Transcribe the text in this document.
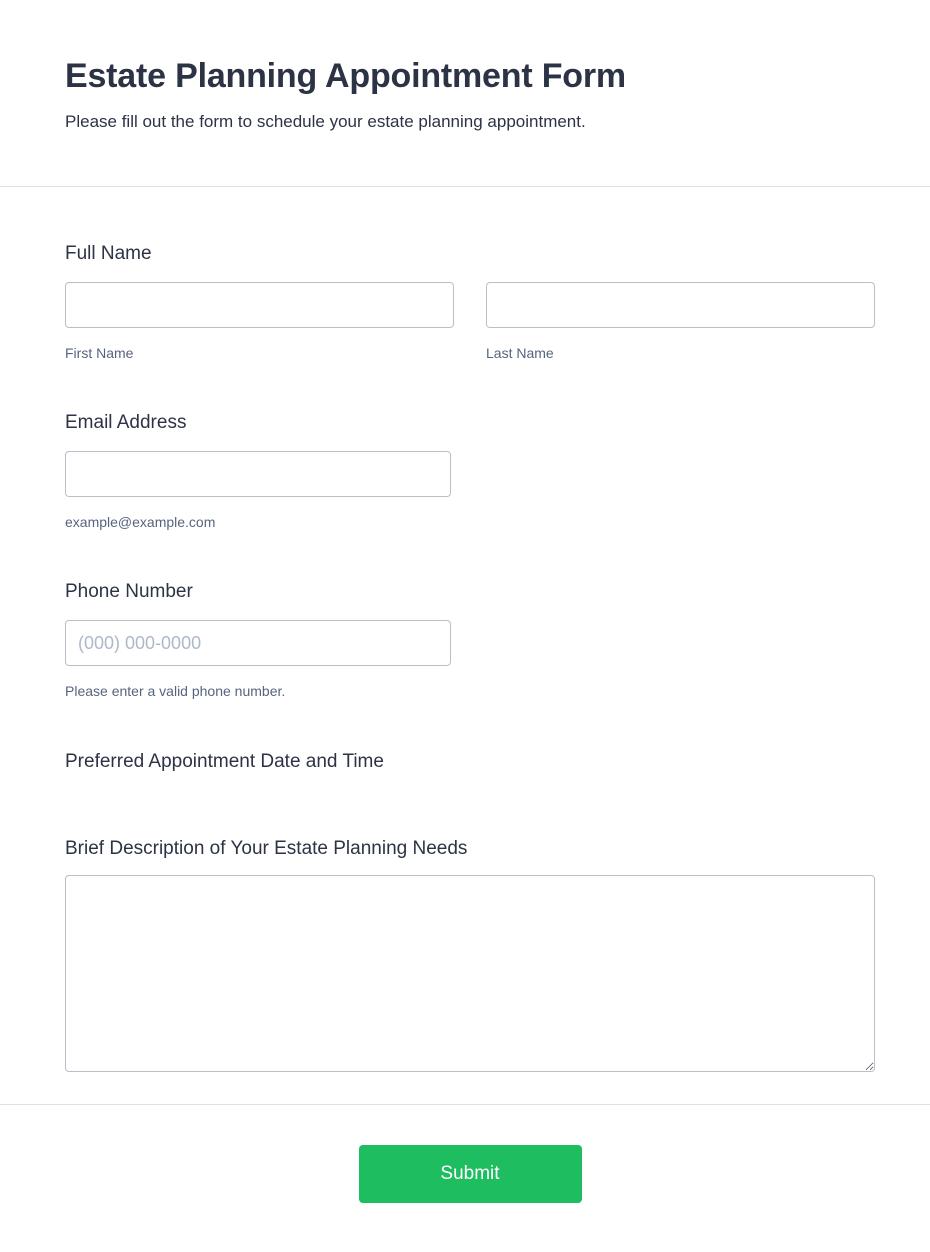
Estate Planning Appointment Form
Please fill out the form to schedule your estate planning appointment.
Full Name
First Name	Last Name
Email Address
example@example.com
Phone Number
(000) 000-0000
Please enter a valid phone number.
Preferred Appointment Date and Time
Brief Description of Your Estate Planning Needs
Submit
